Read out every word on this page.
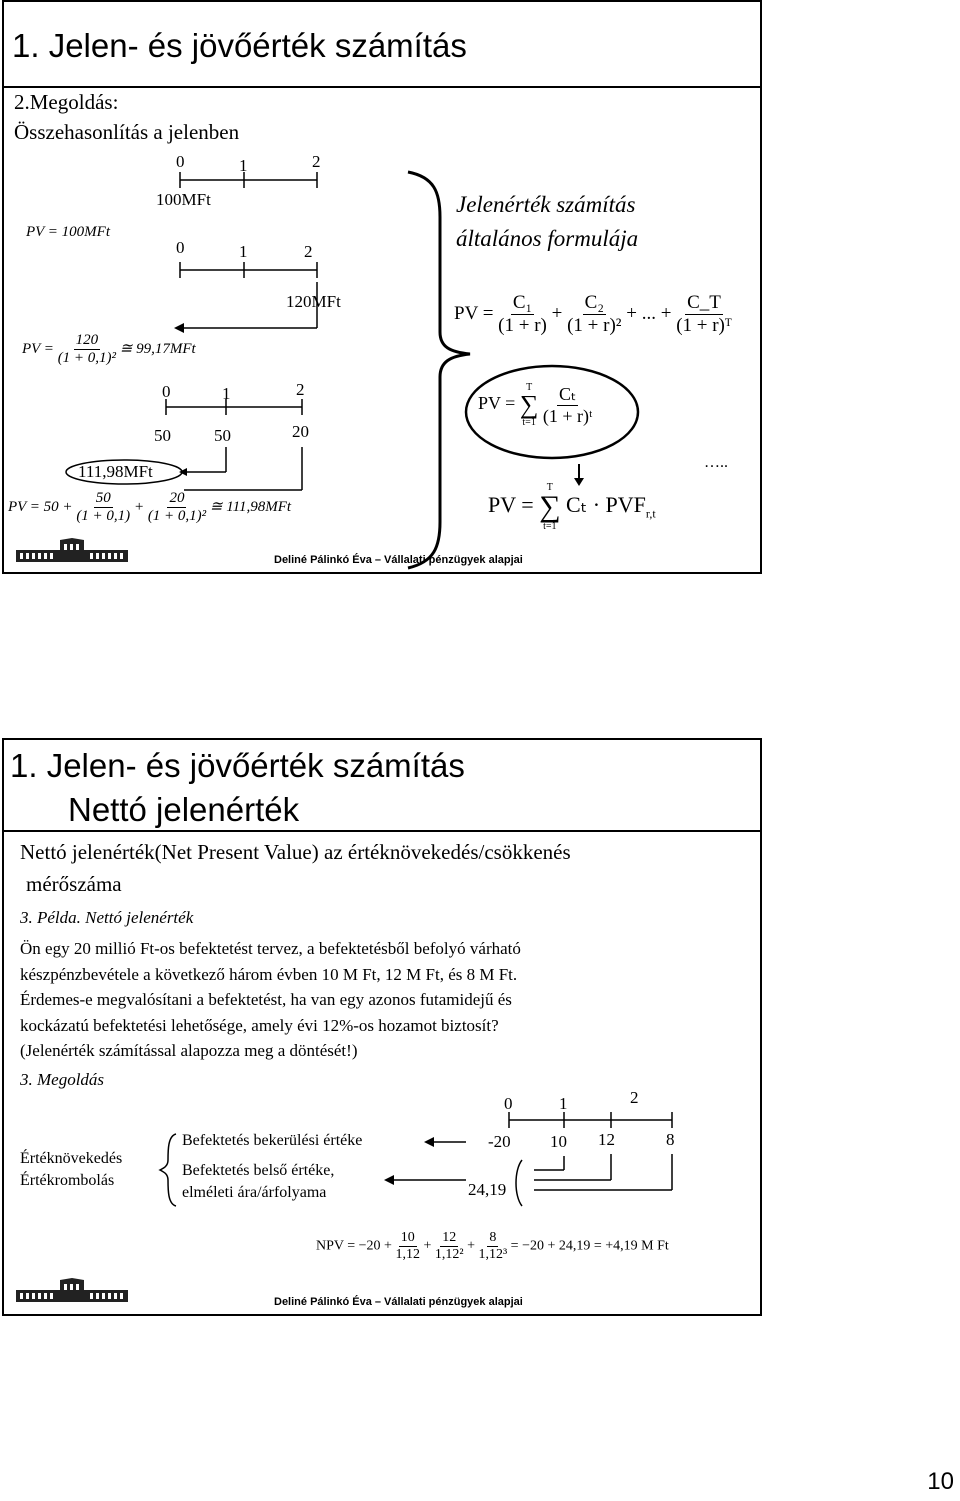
1. Jelen- és jövőérték számítás
2.Megoldás:
Összehasonlítás a jelenben
0	1	2
100MFt
PV = 100MFt
0	1	2
120MFt
PV = $\frac{120}{\text{(1 + 0,1)²}}$ ≅ 99,17MFt
0	1	2
50	50	20
111,98MFt
PV = $50 + \frac{50}{(1 + 0,1)} + \frac{20}{\text{(1 + 0,1)²}}$ ≅ 111,98MFt
Jelenérték számítás
általános formulája
PV = $\frac{\text{C₁}}{(1 + r)} + \frac{\text{C₂}}{\text{(1 + r)²}}$ + ... + $\frac{C\_T}{\text{(1 + r)ᵀ}}$
PV =
T
∑
t=1
$\frac{\text{Cₜ}}{\text{(1 + r)ᵗ}}$
…..
PV =
T
∑
t=1
$C_t \cdot PVF_{r,t}$
Deliné Pálinkó Éva – Vállalati pénzügyek alapjai
1. Jelen- és jövőérték számítás
Nettó jelenérték
Nettó jelenérték(Net Present Value) az értéknövekedés/csökkenés
mérőszáma
3. Példa. Nettó jelenérték
Ön egy 20 millió Ft-os befektetést tervez, a befektetésből befolyó várható
készpénzbevétele a következő három évben 10 M Ft, 12 M Ft, és 8 M Ft.
Érdemes-e megvalósítani a befektetést, ha van egy azonos futamidejű és
kockázatú befektetési lehetősége, amely évi 12%-os hozamot biztosít?
(Jelenérték számítással alapozza meg a döntését!)
3. Megoldás
0	1	2
-20 10 12	8
24,19
Értéknövekedés
Értékrombolás
Befektetés bekerülési értéke
Befektetés belső értéke,
elméleti ára/árfolyama
NPV = $-20 + \frac{10}{1,12} + \frac{12}{\text{1,12²}} + \frac{8}{\text{1,12³}} = -20 + 24,19 = +4,19$ M Ft
Deliné Pálinkó Éva – Vállalati pénzügyek alapjai
10
